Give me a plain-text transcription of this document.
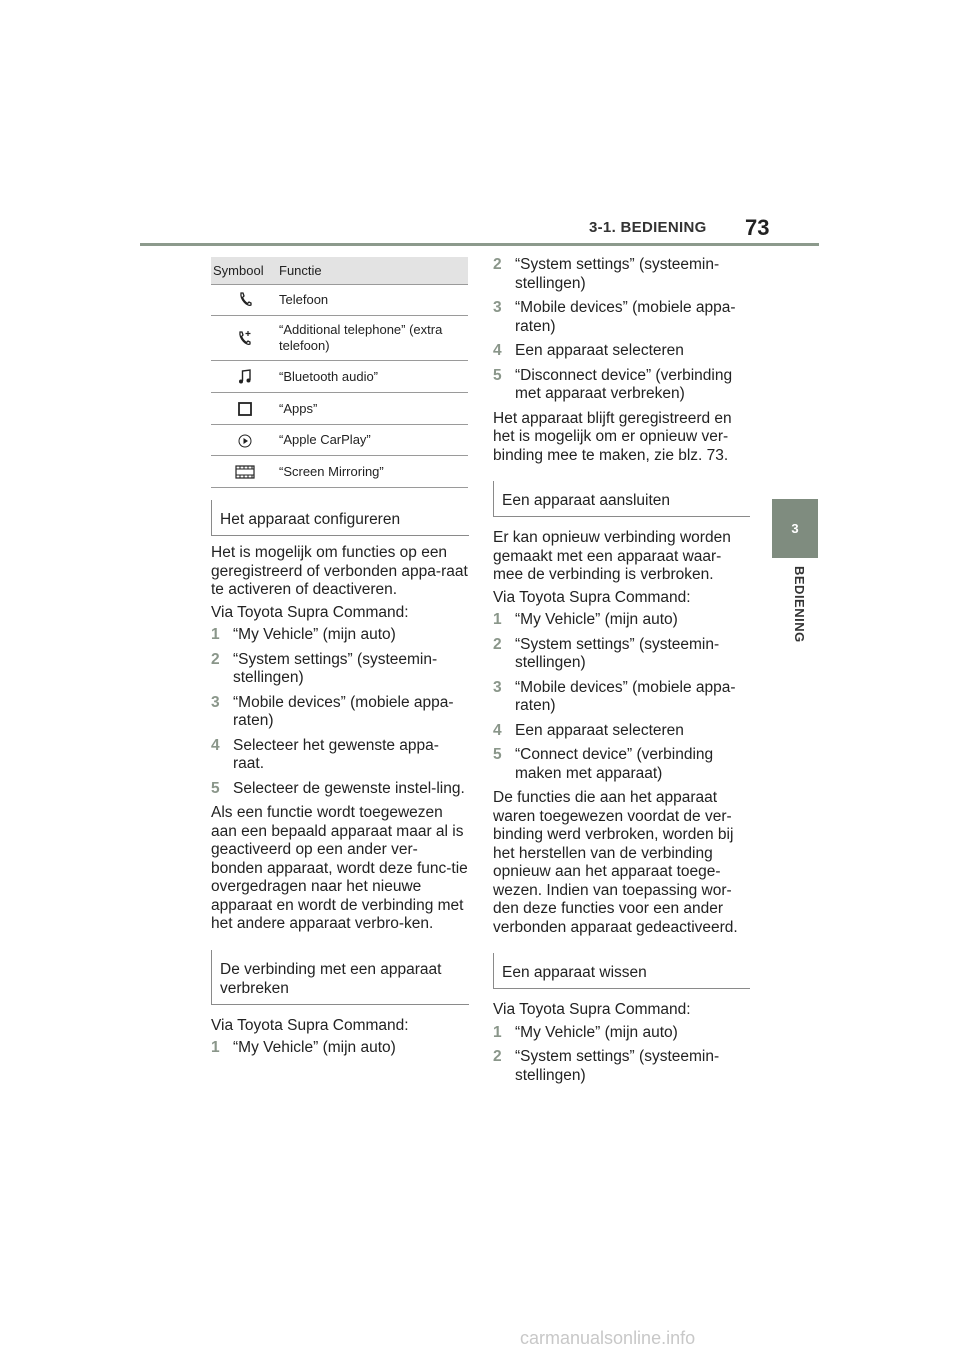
3-1. BEDIENING 73
3
BEDIENING
Symbool	Functie
	Telefoon
	“Additional telephone” (extra telefoon)
	“Bluetooth audio”
	“Apps”
	“Apple CarPlay”
	“Screen Mirroring”
Het apparaat configureren

Het is mogelijk om functies op een geregistreerd of verbonden appa-raat te activeren of deactiveren.

Via Toyota Supra Command:

1 “My Vehicle” (mijn auto)
2 “System settings” (systeemin-stellingen)
3 “Mobile devices” (mobiele appa-raten)
4 Selecteer het gewenste appa-raat.
5 Selecteer de gewenste instel-ling.

Als een functie wordt toegewezen aan een bepaald apparaat maar al is geactiveerd op een ander ver-bonden apparaat, wordt deze func-tie overgedragen naar het nieuwe apparaat en wordt de verbinding met het andere apparaat verbro-ken.

De verbinding met een apparaat verbreken

Via Toyota Supra Command:

1 “My Vehicle” (mijn auto)
2 “System settings” (systeemin-stellingen)
3 “Mobile devices” (mobiele appa-raten)
4 Een apparaat selecteren
5 “Disconnect device” (verbinding met apparaat verbreken)

Het apparaat blijft geregistreerd en het is mogelijk om er opnieuw ver-binding mee te maken, zie blz. 73.

Een apparaat aansluiten

Er kan opnieuw verbinding worden gemaakt met een apparaat waar-mee de verbinding is verbroken.

Via Toyota Supra Command:

1 “My Vehicle” (mijn auto)
2 “System settings” (systeemin-stellingen)
3 “Mobile devices” (mobiele appa-raten)
4 Een apparaat selecteren
5 “Connect device” (verbinding maken met apparaat)

De functies die aan het apparaat waren toegewezen voordat de ver-binding werd verbroken, worden bij het herstellen van de verbinding opnieuw aan het apparaat toege-wezen. Indien van toepassing wor-den deze functies voor een ander verbonden apparaat gedeactiveerd.

Een apparaat wissen

Via Toyota Supra Command:

1 “My Vehicle” (mijn auto)
2 “System settings” (systeemin-stellingen)
carmanualsonline.info
